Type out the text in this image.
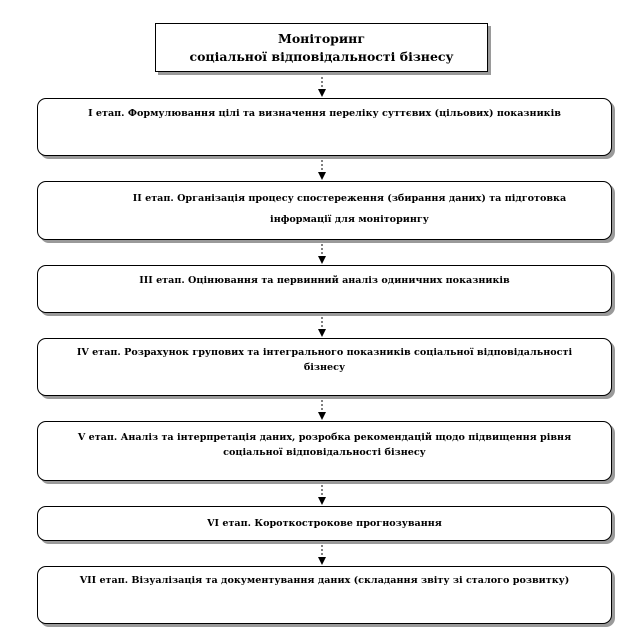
Моніторинг
соціальної відповідальності бізнесу
І етап. Формулювання цілі та визначення переліку суттєвих (цільових) показників
ІІ етап. Організація процесу спостереження (збирання даних) та підготовка інформації для моніторингу
ІІІ етап. Оцінювання та первинний аналіз одиничних показників
IV етап. Розрахунок групових та інтегрального показників соціальної відповідальності бізнесу
V етап. Аналіз та інтерпретація даних, розробка рекомендацій щодо підвищення рівня соціальної відповідальності бізнесу
VІ етап. Короткострокове прогнозування
VІІ етап. Візуалізація та документування даних (складання звіту зі сталого розвитку)
